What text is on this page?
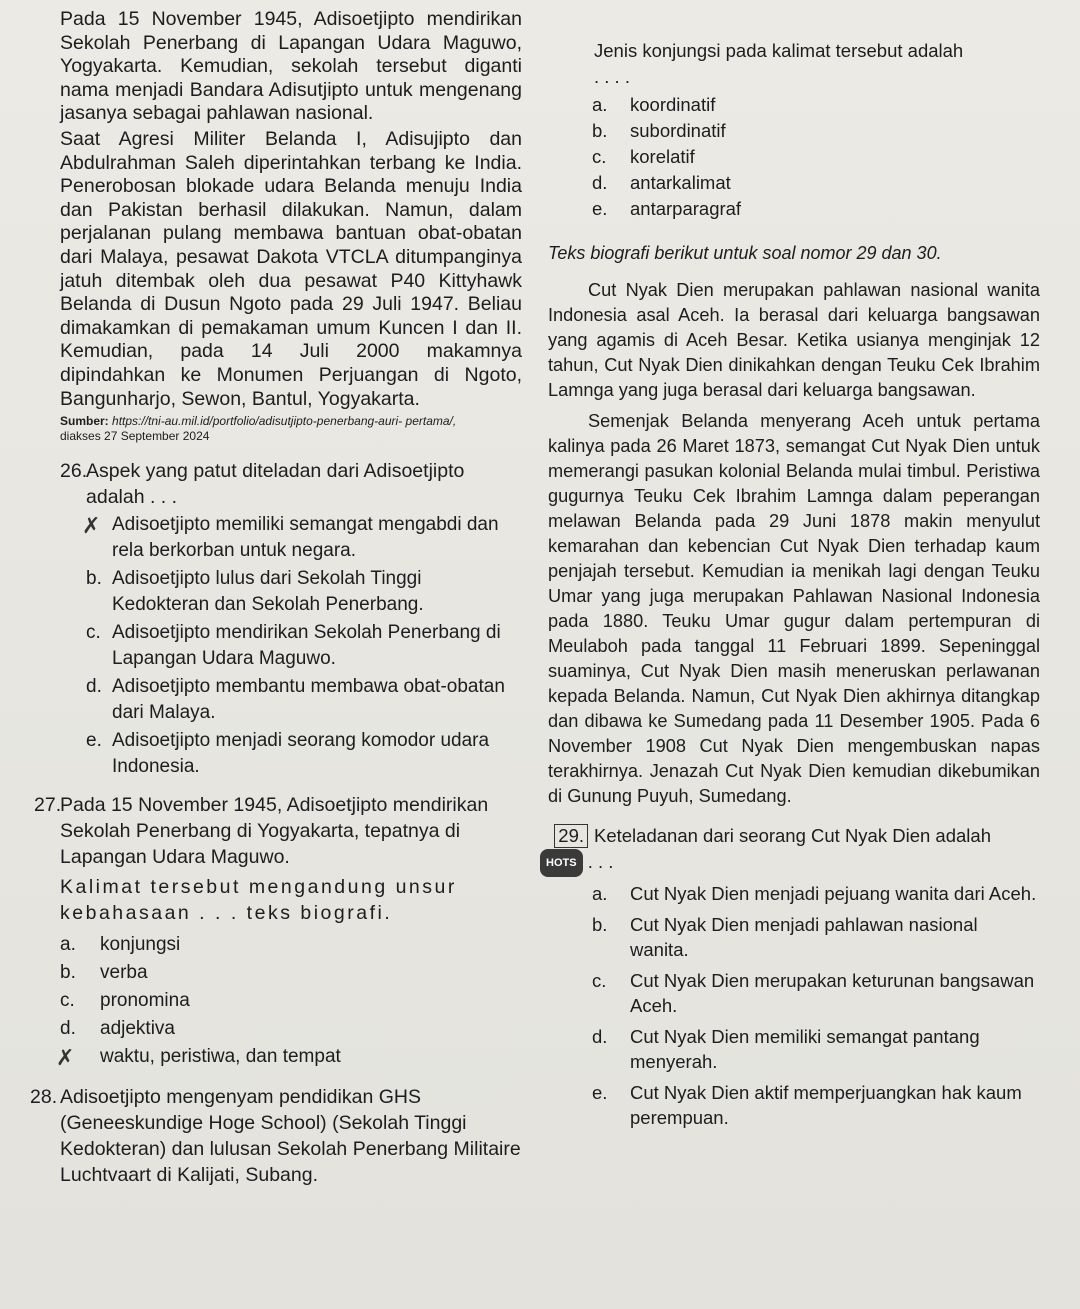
Pada 15 November 1945, Adisoetjipto mendirikan Sekolah Penerbang di Lapangan Udara Maguwo, Yogyakarta. Kemudian, sekolah tersebut diganti nama menjadi Bandara Adisutjipto untuk mengenang jasanya sebagai pahlawan nasional.

Saat Agresi Militer Belanda I, Adisujipto dan Abdulrahman Saleh diperintahkan terbang ke India. Penerobosan blokade udara Belanda menuju India dan Pakistan berhasil dilakukan. Namun, dalam perjalanan pulang membawa bantuan obat-obatan dari Malaya, pesawat Dakota VTCLA ditumpanginya jatuh ditembak oleh dua pesawat P40 Kittyhawk Belanda di Dusun Ngoto pada 29 Juli 1947. Beliau dimakamkan di pemakaman umum Kuncen I dan II. Kemudian, pada 14 Juli 2000 makamnya dipindahkan ke Monumen Perjuangan di Ngoto, Bangunharjo, Sewon, Bantul, Yogyakarta.

Sumber: https://tni-au.mil.id/portfolio/adisutjipto-penerbang-auri- pertama/,
diakses 27 September 2024

26.
Aspek yang patut diteladan dari Adisoetjipto adalah . . .
✗ Adisoetjipto memiliki semangat mengabdi dan rela berkorban untuk negara.
b. Adisoetjipto lulus dari Sekolah Tinggi Kedokteran dan Sekolah Penerbang.
c. Adisoetjipto mendirikan Sekolah Penerbang di Lapangan Udara Maguwo.
d. Adisoetjipto membantu membawa obat-obatan dari Malaya.
e. Adisoetjipto menjadi seorang komodor udara Indonesia.
27.
Pada 15 November 1945, Adisoetjipto mendirikan Sekolah Penerbang di Yogyakarta, tepatnya di Lapangan Udara Maguwo.
Kalimat tersebut mengandung unsur kebahasaan . . . teks biografi.
a.	konjungsi
b.	verba
c.	pronomina
d.	adjektiva
✗ waktu, peristiwa, dan tempat
28. Adisoetjipto mengenyam pendidikan GHS (Geneeskundige Hoge School) (Sekolah Tinggi Kedokteran) dan lulusan Sekolah Penerbang Militaire Luchtvaart di Kalijati, Subang.

Jenis konjungsi pada kalimat tersebut adalah

. . . .

a.	koordinatif
b.	subordinatif
c.	korelatif
d.	antarkalimat
e.	antarparagraf

Teks biografi berikut untuk soal nomor 29 dan 30.

Cut Nyak Dien merupakan pahlawan nasional wanita Indonesia asal Aceh. Ia berasal dari keluarga bangsawan yang agamis di Aceh Besar. Ketika usianya menginjak 12 tahun, Cut Nyak Dien dinikahkan dengan Teuku Cek Ibrahim Lamnga yang juga berasal dari keluarga bangsawan.

Semenjak Belanda menyerang Aceh untuk pertama kalinya pada 26 Maret 1873, semangat Cut Nyak Dien untuk memerangi pasukan kolonial Belanda mulai timbul. Peristiwa gugurnya Teuku Cek Ibrahim Lamnga dalam peperangan melawan Belanda pada 29 Juni 1878 makin menyulut kemarahan dan kebencian Cut Nyak Dien terhadap kaum penjajah tersebut. Kemudian ia menikah lagi dengan Teuku Umar yang juga merupakan Pahlawan Nasional Indonesia pada 1880. Teuku Umar gugur dalam pertempuran di Meulaboh pada tanggal 11 Februari 1899. Sepeninggal suaminya, Cut Nyak Dien masih meneruskan perlawanan kepada Belanda. Namun, Cut Nyak Dien akhirnya ditangkap dan dibawa ke Sumedang pada 11 Desember 1905. Pada 6 November 1908 Cut Nyak Dien mengembuskan napas terakhirnya. Jenazah Cut Nyak Dien kemudian dikebumikan di Gunung Puyuh, Sumedang.

29. Keteladanan dari seorang Cut Nyak Dien adalah
HOTS . . .
a.	Cut Nyak Dien menjadi pejuang wanita dari Aceh.
b.	Cut Nyak Dien menjadi pahlawan nasional wanita.
c.	Cut Nyak Dien merupakan keturunan bangsawan Aceh.
d.	Cut Nyak Dien memiliki semangat pantang menyerah.
e.	Cut Nyak Dien aktif memperjuangkan hak kaum perempuan.
